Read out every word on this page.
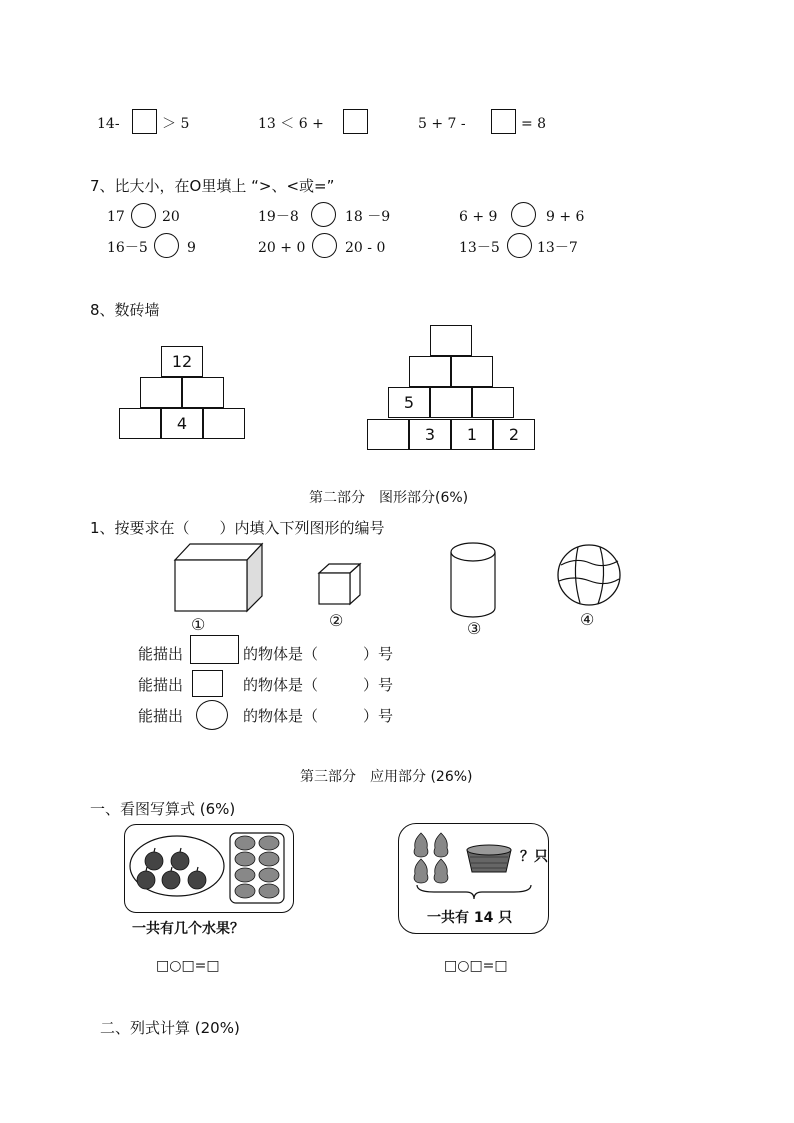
14-	＞ 5	13 ＜ 6 +	5 + 7 -	= 8
7、比大小，在O里填上 “>、<或=”
17	20	19－8	18 －9	6 + 9	9 + 6
16－5	9	20 + 0	20 - 0	13－5	13－7
8、数砖墙
12
4
5
3	1	2
第二部分　图形部分(6%)
1、按要求在（　　）内填入下列图形的编号
①	②	③	④
能描出	的物体是（　　　）号
能描出	的物体是（　　　）号
能描出	的物体是（　　　）号
第三部分　应用部分 (26%)
一、看图写算式 (6%)
一共有几个水果？
□○□=□
？只
一共有 14 只
□○□=□
二、列式计算 (20%)
